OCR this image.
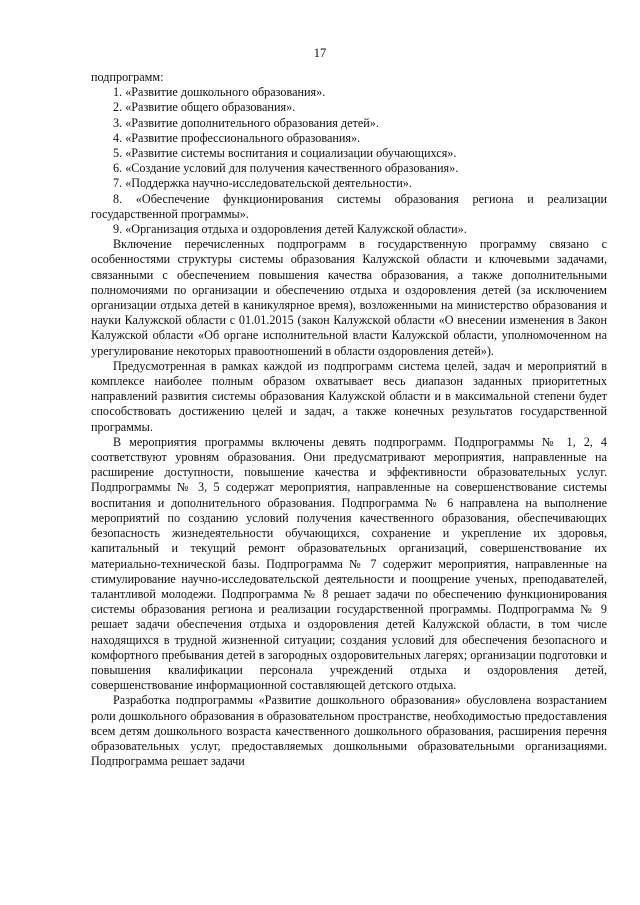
17

подпрограмм:

1. «Развитие дошкольного образования».
2. «Развитие общего образования».
3. «Развитие дополнительного образования детей».
4. «Развитие профессионального образования».
5. «Развитие системы воспитания и социализации обучающихся».
6. «Создание условий для получения качественного образования».
7. «Поддержка научно-исследовательской деятельности».
8. «Обеспечение функционирования системы образования региона и реализации государственной программы».
9. «Организация отдыха и оздоровления детей Калужской области».

Включение перечисленных подпрограмм в государственную программу связано с особенностями структуры системы образования Калужской области и ключевыми задачами, связанными с обеспечением повышения качества образования, а также дополнительными полномочиями по организации и обеспечению отдыха и оздоровления детей (за исключением организации отдыха детей в каникулярное время), возложенными на министерство образования и науки Калужской области с 01.01.2015 (закон Калужской области «О внесении изменения в Закон Калужской области «Об органе исполнительной власти Калужской области, уполномоченном на урегулирование некоторых правоотношений в области оздоровления детей»).

Предусмотренная в рамках каждой из подпрограмм система целей, задач и мероприятий в комплексе наиболее полным образом охватывает весь диапазон заданных приоритетных направлений развития системы образования Калужской области и в максимальной степени будет способствовать достижению целей и задач, а также конечных результатов государственной программы.

В мероприятия программы включены девять подпрограмм. Подпрограммы № 1, 2, 4 соответствуют уровням образования. Они предусматривают мероприятия, направленные на расширение доступности, повышение качества и эффективности образовательных услуг. Подпрограммы № 3, 5 содержат мероприятия, направленные на совершенствование системы воспитания и дополнительного образования. Подпрограмма № 6 направлена на выполнение мероприятий по созданию условий получения качественного образования, обеспечивающих безопасность жизнедеятельности обучающихся, сохранение и укрепление их здоровья, капитальный и текущий ремонт образовательных организаций, совершенствование их материально-технической базы. Подпрограмма № 7 содержит мероприятия, направленные на стимулирование научно-исследовательской деятельности и поощрение ученых, преподавателей, талантливой молодежи. Подпрограмма № 8 решает задачи по обеспечению функционирования системы образования региона и реализации государственной программы. Подпрограмма № 9 решает задачи обеспечения отдыха и оздоровления детей Калужской области, в том числе находящихся в трудной жизненной ситуации; создания условий для обеспечения безопасного и комфортного пребывания детей в загородных оздоровительных лагерях; организации подготовки и повышения квалификации персонала учреждений отдыха и оздоровления детей, совершенствование информационной составляющей детского отдыха.

Разработка подпрограммы «Развитие дошкольного образования» обусловлена возрастанием роли дошкольного образования в образовательном пространстве, необходимостью предоставления всем детям дошкольного возраста качественного дошкольного образования, расширения перечня образовательных услуг, предоставляемых дошкольными образовательными организациями. Подпрограмма решает задачи
